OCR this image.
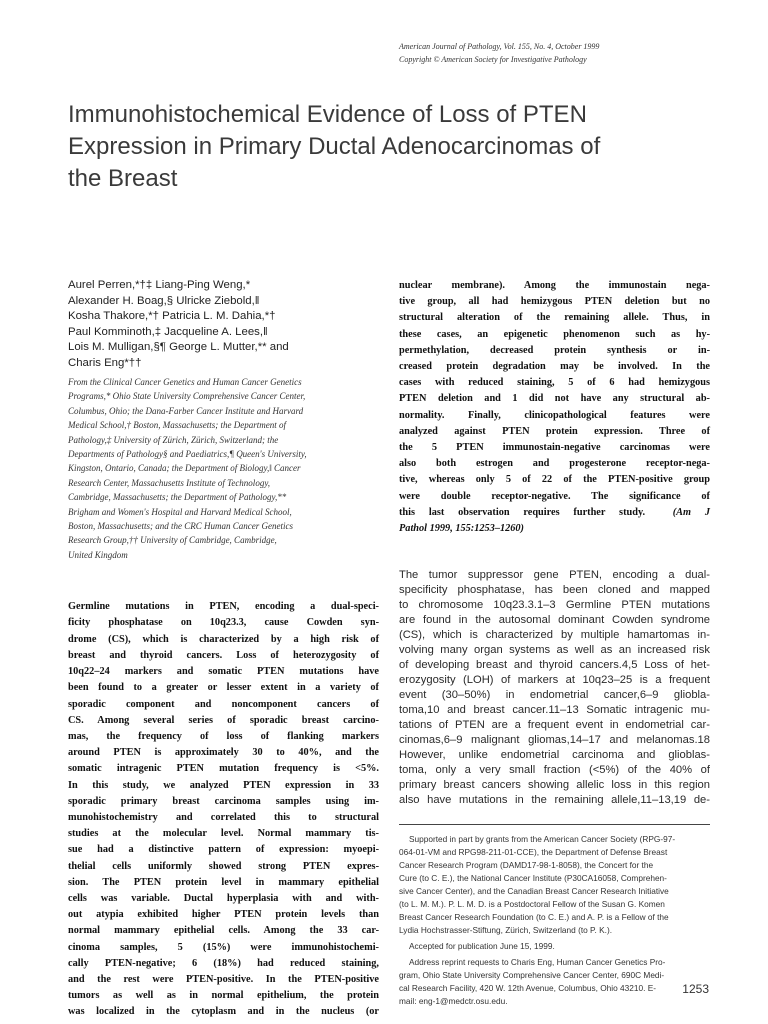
American Journal of Pathology, Vol. 155, No. 4, October 1999
Copyright © American Society for Investigative Pathology
Immunohistochemical Evidence of Loss of PTEN
Expression in Primary Ductal Adenocarcinomas of
the Breast
Aurel Perren,*†‡ Liang-Ping Weng,*
Alexander H. Boag,§ Ulricke Ziebold,‖
Kosha Thakore,*† Patricia L. M. Dahia,*†
Paul Komminoth,‡ Jacqueline A. Lees,‖
Lois M. Mulligan,§¶ George L. Mutter,** and
Charis Eng*††
From the Clinical Cancer Genetics and Human Cancer Genetics
Programs,* Ohio State University Comprehensive Cancer Center,
Columbus, Ohio; the Dana-Farber Cancer Institute and Harvard
Medical School,† Boston, Massachusetts; the Department of
Pathology,‡ University of Zürich, Zürich, Switzerland; the
Departments of Pathology§ and Paediatrics,¶ Queen's University,
Kingston, Ontario, Canada; the Department of Biology,‖ Cancer
Research Center, Massachusetts Institute of Technology,
Cambridge, Massachusetts; the Department of Pathology,**
Brigham and Women's Hospital and Harvard Medical School,
Boston, Massachusetts; and the CRC Human Cancer Genetics
Research Group,†† University of Cambridge, Cambridge,
United Kingdom
Germline mutations in PTEN, encoding a dual-speci-
ficity phosphatase on 10q23.3, cause Cowden syn-
drome (CS), which is characterized by a high risk of
breast and thyroid cancers. Loss of heterozygosity of
10q22–24 markers and somatic PTEN mutations have
been found to a greater or lesser extent in a variety of
sporadic component and noncomponent cancers of
CS. Among several series of sporadic breast carcino-
mas, the frequency of loss of flanking markers
around PTEN is approximately 30 to 40%, and the
somatic intragenic PTEN mutation frequency is <5%.
In this study, we analyzed PTEN expression in 33
sporadic primary breast carcinoma samples using im-
munohistochemistry and correlated this to structural
studies at the molecular level. Normal mammary tis-
sue had a distinctive pattern of expression: myoepi-
thelial cells uniformly showed strong PTEN expres-
sion. The PTEN protein level in mammary epithelial
cells was variable. Ductal hyperplasia with and with-
out atypia exhibited higher PTEN protein levels than
normal mammary epithelial cells. Among the 33 car-
cinoma samples, 5 (15%) were immunohistochemi-
cally PTEN-negative; 6 (18%) had reduced staining,
and the rest were PTEN-positive. In the PTEN-positive
tumors as well as in normal epithelium, the protein
was localized in the cytoplasm and in the nucleus (or
nuclear membrane). Among the immunostain nega-
tive group, all had hemizygous PTEN deletion but no
structural alteration of the remaining allele. Thus, in
these cases, an epigenetic phenomenon such as hy-
permethylation, decreased protein synthesis or in-
creased protein degradation may be involved. In the
cases with reduced staining, 5 of 6 had hemizygous
PTEN deletion and 1 did not have any structural ab-
normality. Finally, clinicopathological features were
analyzed against PTEN protein expression. Three of
the 5 PTEN immunostain-negative carcinomas were
also both estrogen and progesterone receptor-nega-
tive, whereas only 5 of 22 of the PTEN-positive group
were double receptor-negative. The significance of
this last observation requires further study.	(Am J
Pathol 1999, 155:1253–1260)
The tumor suppressor gene PTEN, encoding a dual-
specificity phosphatase, has been cloned and mapped
to chromosome 10q23.3.1–3 Germline PTEN mutations
are found in the autosomal dominant Cowden syndrome
(CS), which is characterized by multiple hamartomas in-
volving many organ systems as well as an increased risk
of developing breast and thyroid cancers.4,5 Loss of het-
erozygosity (LOH) of markers at 10q23–25 is a frequent
event (30–50%) in endometrial cancer,6–9 gliobla-
toma,10 and breast cancer.11–13 Somatic intragenic mu-
tations of PTEN are a frequent event in endometrial car-
cinomas,6–9 malignant gliomas,14–17 and melanomas.18
However, unlike endometrial carcinoma and glioblas-
toma, only a very small fraction (<5%) of the 40% of
primary breast cancers showing allelic loss in this region
also have mutations in the remaining allele,11–13,19 de-
Supported in part by grants from the American Cancer Society (RPG-97-
064-01-VM and RPG98-211-01-CCE), the Department of Defense Breast
Cancer Research Program (DAMD17-98-1-8058), the Concert for the
Cure (to C. E.), the National Cancer Institute (P30CA16058, Comprehen-
sive Cancer Center), and the Canadian Breast Cancer Research Initiative
(to L. M. M.). P. L. M. D. is a Postdoctoral Fellow of the Susan G. Komen
Breast Cancer Research Foundation (to C. E.) and A. P. is a Fellow of the
Lydia Hochstrasser-Stiftung, Zürich, Switzerland (to P. K.).
Accepted for publication June 15, 1999.
Address reprint requests to Charis Eng, Human Cancer Genetics Pro-
gram, Ohio State University Comprehensive Cancer Center, 690C Medi-
cal Research Facility, 420 W. 12th Avenue, Columbus, Ohio 43210. E-
mail: eng-1@medctr.osu.edu.
1253
